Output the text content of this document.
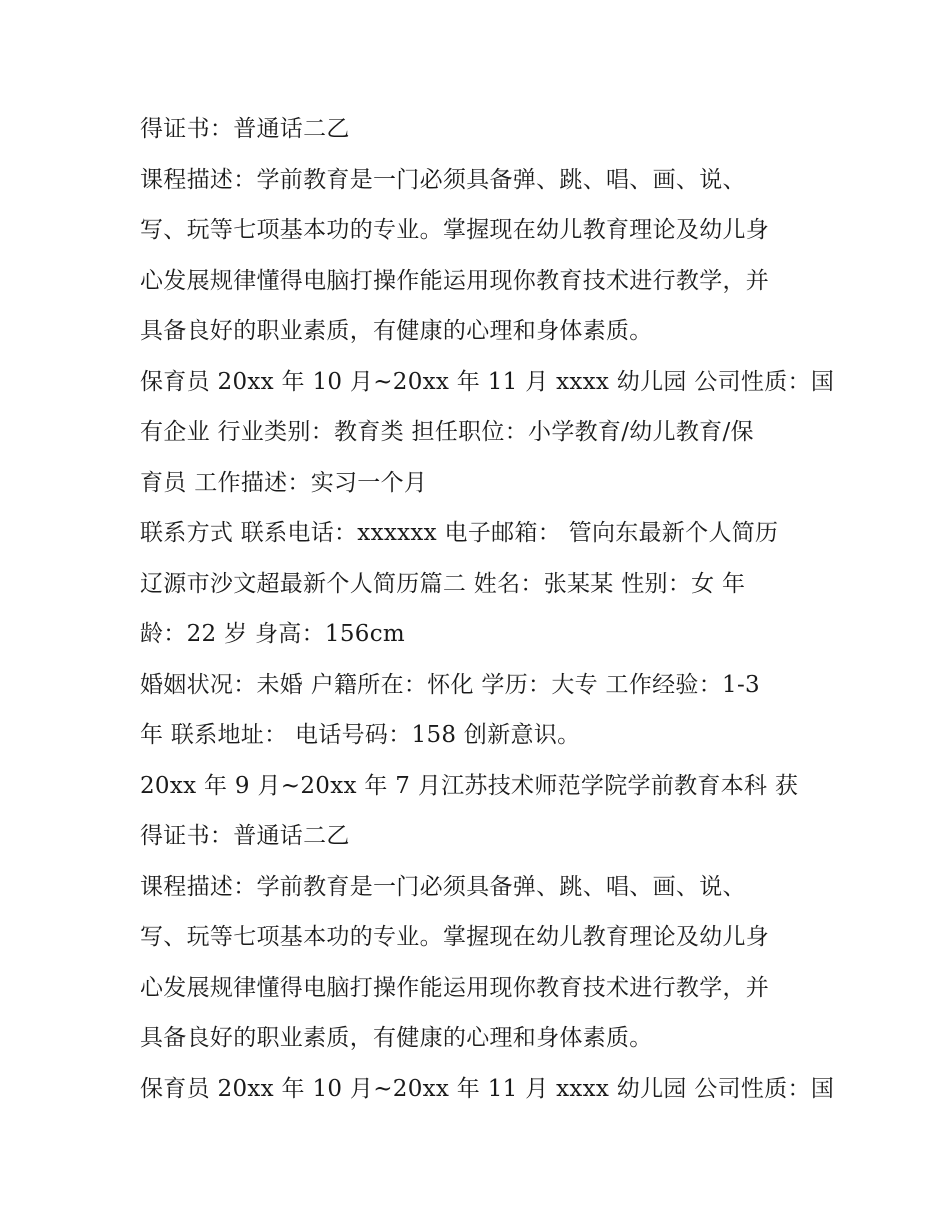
得证书：普通话二乙

课程描述：学前教育是一门必须具备弹、跳、唱、画、说、
写、玩等七项基本功的专业。掌握现在幼儿教育理论及幼儿身
心发展规律懂得电脑打操作能运用现你教育技术进行教学，并
具备良好的职业素质，有健康的心理和身体素质。

保育员 20xx 年 10 月~20xx 年 11 月 xxxx 幼儿园 公司性质：国
有企业 行业类别：教育类 担任职位：小学教育/幼儿教育/保
育员 工作描述：实习一个月

联系方式 联系电话：xxxxxx 电子邮箱： 管向东最新个人简历
辽源市沙文超最新个人简历篇二 姓名：张某某 性别：女 年
龄：22 岁 身高：156cm

婚姻状况：未婚 户籍所在：怀化 学历：大专 工作经验：1-3
年 联系地址： 电话号码：158 创新意识。

20xx 年 9 月~20xx 年 7 月江苏技术师范学院学前教育本科 获
得证书：普通话二乙

课程描述：学前教育是一门必须具备弹、跳、唱、画、说、
写、玩等七项基本功的专业。掌握现在幼儿教育理论及幼儿身
心发展规律懂得电脑打操作能运用现你教育技术进行教学，并
具备良好的职业素质，有健康的心理和身体素质。

保育员 20xx 年 10 月~20xx 年 11 月 xxxx 幼儿园 公司性质：国
